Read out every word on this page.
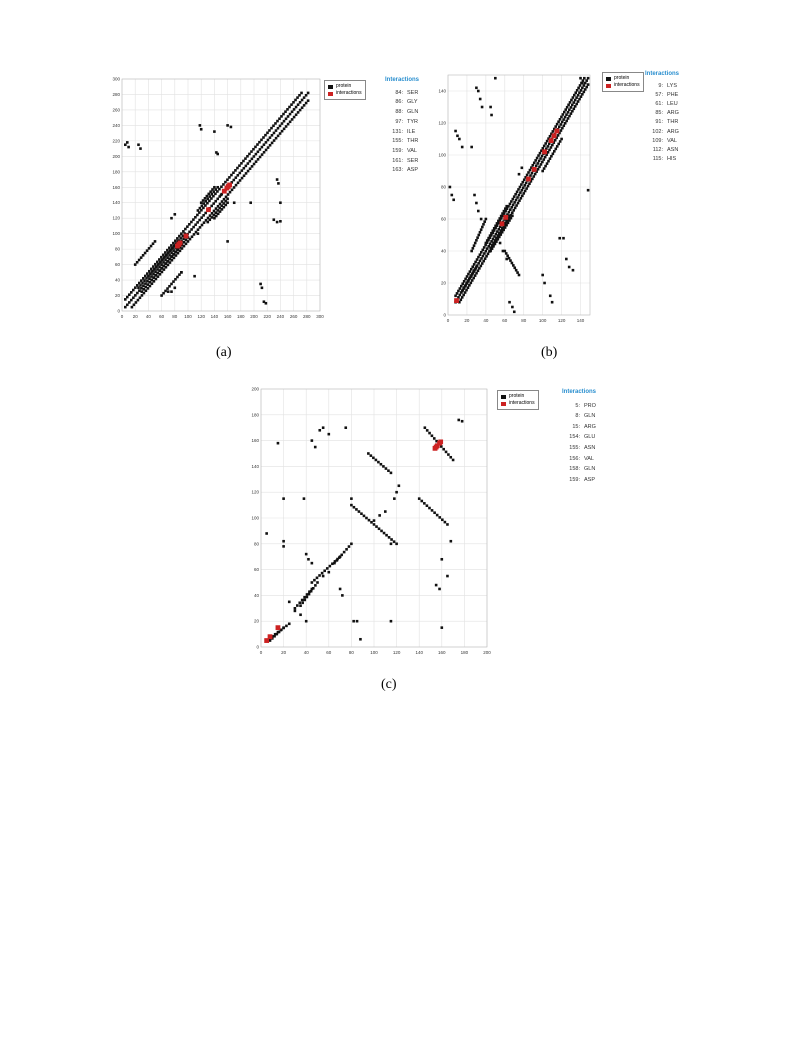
0 20 40 60 80 100 120 140 160 180 200 220 240 260 280 300
0
20
40
60
80
100
120
140
160
180
200
220
240
260
280
300
protein
interactions
Interactions
84: SER
86: GLY
88: GLN
97: TYR
131: ILE
155: THR
159: VAL
161: SER
163: ASP
(a)
0	20	40	60	80	100	120	140
0
20
40
60
80
100
120
140
protein
interactions
Interactions
9: LYS
57: PHE
61: LEU
85: ARG
91: THR
102: ARG
109: VAL
112: ASN
115: HIS
(b)
0	20	40	60	80	100	120	140	160	180	200
0
20
40
60
80
100
120
140
160
180
200
protein
interactions
Interactions
5: PRO
8: GLN
15: ARG
154: GLU
155: ASN
156: VAL
158: GLN
159: ASP
(c)
